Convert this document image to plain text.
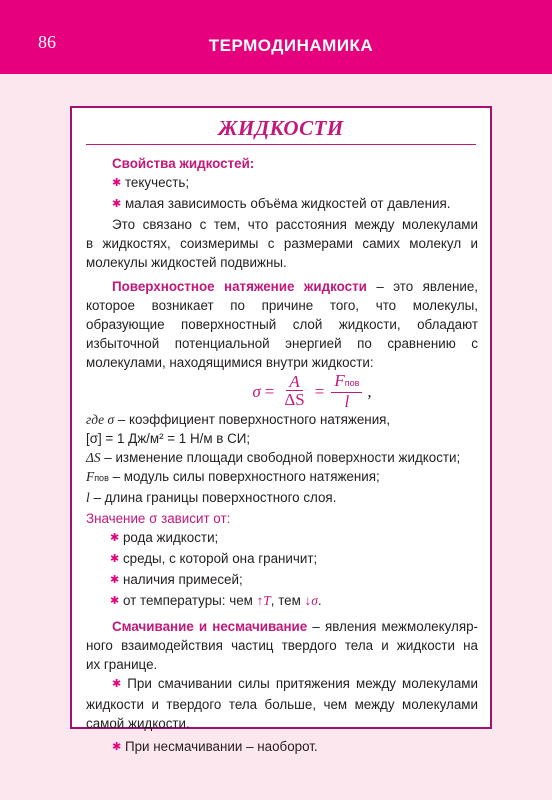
86	ТЕРМОДИНАМИКА
ЖИДКОСТИ
Свойства жидкостей:
✱ текучесть;
✱ малая зависимость объёма жидкостей от давления.
Это связано с тем, что расстояния между молекулами
в жидкостях, соизмеримы с размерами самих молекул и
молекулы жидкостей подвижны.
Поверхностное натяжение жидкости – это явление,
которое возникает по причине того, что молекулы,
образующие поверхностный слой жидкости, обладают
избыточной потенциальной энергией по сравнению с
молекулами, находящимися внутри жидкости:
$\sigma = \frac{A}{\Delta S} = \frac{\text{Fпов}}{l}$ ,
где σ – коэффициент поверхностного натяжения,
[σ] = 1 Дж/м² = 1 Н/м в СИ;
ΔS – изменение площади свободной поверхности жидкости;
Fпов – модуль силы поверхностного натяжения;
l – длина границы поверхностного слоя.
Значение σ зависит от:
✱ рода жидкости;
✱ среды, с которой она граничит;
✱ наличия примесей;
✱ от температуры: чем ↑T, тем ↓σ.
Смачивание и несмачивание – явления межмолекуляр-
ного взаимодействия частиц твердого тела и жидкости на
их границе.
✱ При смачивании силы притяжения между молекулами
жидкости и твердого тела больше, чем между молекулами
самой жидкости.
✱ При несмачивании – наоборот.
